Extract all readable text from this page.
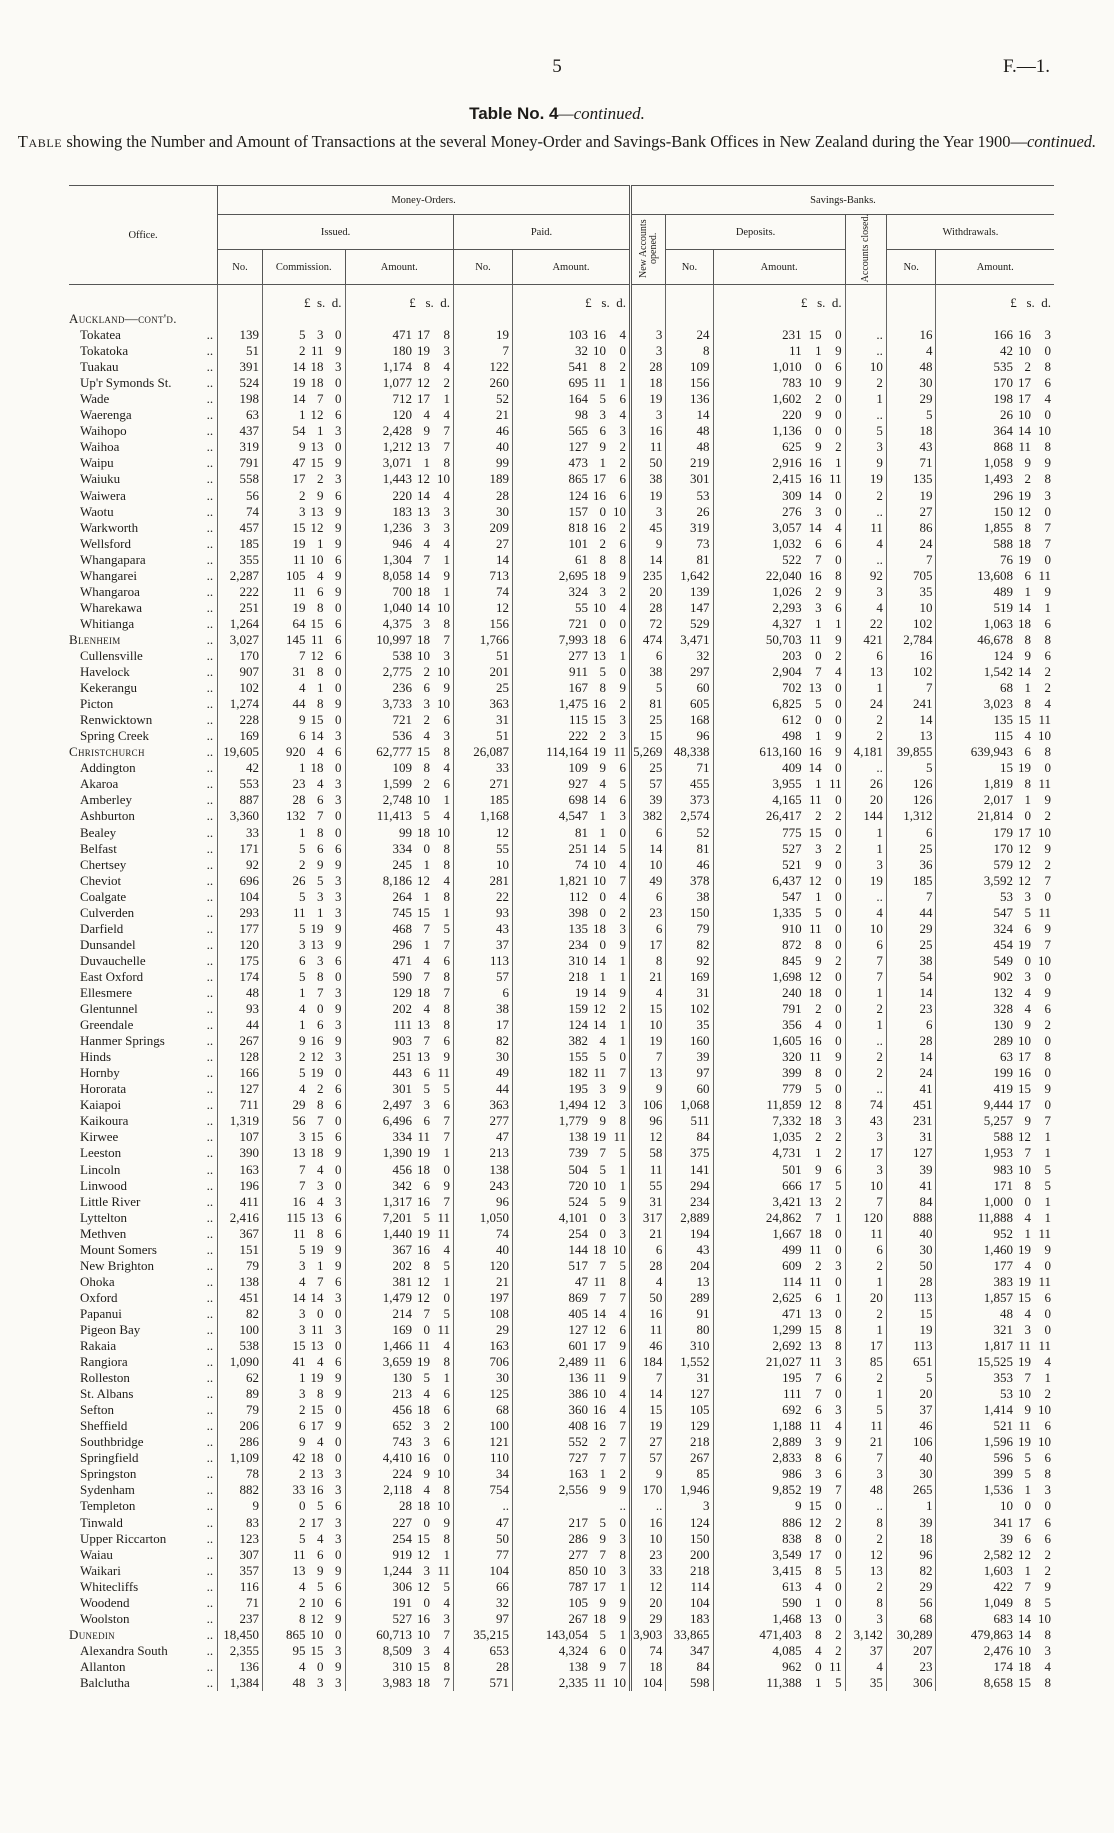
5	F.—1.
Table No. 4—continued.
Table showing the Number and Amount of Transactions at the several Money-Order and Savings-Bank Offices in New Zealand during the Year 1900—continued.
Office.	Money-Orders.					Savings-Banks.					
	Issued.			Paid.		New Accounts opened.	Deposits.		Accounts closed.	Withdrawals.	
	No.	Commission.	Amount.	No.	Amount.		No.	Amount.		No.	Amount.
		£ s. d.	£ s. d.		£ s. d.			£ s. d.			£ s. d.

Auckland—cont'd.											

Tokatea ..	139	5 3 0	471 17 8	19	103 16 4	3	24	231 15 0	..	16	166 16 3

Tokatoka ..	51	2 11 9	180 19 3	7	32 10 0	3	8	11 1 9	..	4	42 10 0

Tuakau ..	391	14 18 3	1,174 8 4	122	541 8 2	28	109	1,010 0 6	10	48	535 2 8

Up'r Symonds St. ..	524	19 18 0	1,077 12 2	260	695 11 1	18	156	783 10 9	2	30	170 17 6

Wade ..	198	14 7 0	712 17 1	52	164 5 6	19	136	1,602 2 0	1	29	198 17 4

Waerenga ..	63	1 12 6	120 4 4	21	98 3 4	3	14	220 9 0	..	5	26 10 0

Waihopo ..	437	54 1 3	2,428 9 7	46	565 6 3	16	48	1,136 0 0	5	18	364 14 10

Waihoa ..	319	9 13 0	1,212 13 7	40	127 9 2	11	48	625 9 2	3	43	868 11 8

Waipu ..	791	47 15 9	3,071 1 8	99	473 1 2	50	219	2,916 16 1	9	71	1,058 9 9

Waiuku ..	558	17 2 3	1,443 12 10	189	865 17 6	38	301	2,415 16 11	19	135	1,493 2 8

Waiwera ..	56	2 9 6	220 14 4	28	124 16 6	19	53	309 14 0	2	19	296 19 3

Waotu ..	74	3 13 9	183 13 3	30	157 0 10	3	26	276 3 0	..	27	150 12 0

Warkworth ..	457	15 12 9	1,236 3 3	209	818 16 2	45	319	3,057 14 4	11	86	1,855 8 7

Wellsford ..	185	19 1 9	946 4 4	27	101 2 6	9	73	1,032 6 6	4	24	588 18 7

Whangapara ..	355	11 10 6	1,304 7 1	14	61 8 8	14	81	522 7 0	..	7	76 19 0

Whangarei ..	2,287	105 4 9	8,058 14 9	713	2,695 18 9	235	1,642	22,040 16 8	92	705	13,608 6 11

Whangaroa ..	222	11 6 9	700 18 1	74	324 3 2	20	139	1,026 2 9	3	35	489 1 9

Wharekawa ..	251	19 8 0	1,040 14 10	12	55 10 4	28	147	2,293 3 6	4	10	519 14 1

Whitianga ..	1,264	64 15 6	4,375 3 8	156	721 0 0	72	529	4,327 1 1	22	102	1,063 18 6

Blenheim ..	3,027	145 11 6	10,997 18 7	1,766	7,993 18 6	474	3,471	50,703 11 9	421	2,784	46,678 8 8

Cullensville ..	170	7 12 6	538 10 3	51	277 13 1	6	32	203 0 2	6	16	124 9 6

Havelock ..	907	31 8 0	2,775 2 10	201	911 5 0	38	297	2,904 7 4	13	102	1,542 14 2

Kekerangu ..	102	4 1 0	236 6 9	25	167 8 9	5	60	702 13 0	1	7	68 1 2

Picton ..	1,274	44 8 9	3,733 3 10	363	1,475 16 2	81	605	6,825 5 0	24	241	3,023 8 4

Renwicktown ..	228	9 15 0	721 2 6	31	115 15 3	25	168	612 0 0	2	14	135 15 11

Spring Creek ..	169	6 14 3	536 4 3	51	222 2 3	15	96	498 1 9	2	13	115 4 10

Christchurch ..	19,605	920 4 6	62,777 15 8	26,087	114,164 19 11	5,269	48,338	613,160 16 9	4,181	39,855	639,943 6 8

Addington ..	42	1 18 0	109 8 4	33	109 9 6	25	71	409 14 0	..	5	15 19 0

Akaroa ..	553	23 4 3	1,599 2 6	271	927 4 5	57	455	3,955 1 11	26	126	1,819 8 11

Amberley ..	887	28 6 3	2,748 10 1	185	698 14 6	39	373	4,165 11 0	20	126	2,017 1 9

Ashburton ..	3,360	132 7 0	11,413 5 4	1,168	4,547 1 3	382	2,574	26,417 2 2	144	1,312	21,814 0 2

Bealey ..	33	1 8 0	99 18 10	12	81 1 0	6	52	775 15 0	1	6	179 17 10

Belfast ..	171	5 6 6	334 0 8	55	251 14 5	14	81	527 3 2	1	25	170 12 9

Chertsey ..	92	2 9 9	245 1 8	10	74 10 4	10	46	521 9 0	3	36	579 12 2

Cheviot ..	696	26 5 3	8,186 12 4	281	1,821 10 7	49	378	6,437 12 0	19	185	3,592 12 7

Coalgate ..	104	5 3 3	264 1 8	22	112 0 4	6	38	547 1 0	..	7	53 3 0

Culverden ..	293	11 1 3	745 15 1	93	398 0 2	23	150	1,335 5 0	4	44	547 5 11

Darfield ..	177	5 19 9	468 7 5	43	135 18 3	6	79	910 11 0	10	29	324 6 9

Dunsandel ..	120	3 13 9	296 1 7	37	234 0 9	17	82	872 8 0	6	25	454 19 7

Duvauchelle ..	175	6 3 6	471 4 6	113	310 14 1	8	92	845 9 2	7	38	549 0 10

East Oxford ..	174	5 8 0	590 7 8	57	218 1 1	21	169	1,698 12 0	7	54	902 3 0

Ellesmere ..	48	1 7 3	129 18 7	6	19 14 9	4	31	240 18 0	1	14	132 4 9

Glentunnel ..	93	4 0 9	202 4 8	38	159 12 2	15	102	791 2 0	2	23	328 4 6

Greendale ..	44	1 6 3	111 13 8	17	124 14 1	10	35	356 4 0	1	6	130 9 2

Hanmer Springs ..	267	9 16 9	903 7 6	82	382 4 1	19	160	1,605 16 0	..	28	289 10 0

Hinds ..	128	2 12 3	251 13 9	30	155 5 0	7	39	320 11 9	2	14	63 17 8

Hornby ..	166	5 19 0	443 6 11	49	182 11 7	13	97	399 8 0	2	24	199 16 0

Hororata ..	127	4 2 6	301 5 5	44	195 3 9	9	60	779 5 0	..	41	419 15 9

Kaiapoi ..	711	29 8 6	2,497 3 6	363	1,494 12 3	106	1,068	11,859 12 8	74	451	9,444 17 0

Kaikoura ..	1,319	56 7 0	6,496 6 7	277	1,779 9 8	96	511	7,332 18 3	43	231	5,257 9 7

Kirwee ..	107	3 15 6	334 11 7	47	138 19 11	12	84	1,035 2 2	3	31	588 12 1

Leeston ..	390	13 18 9	1,390 19 1	213	739 7 5	58	375	4,731 1 2	17	127	1,953 7 1

Lincoln ..	163	7 4 0	456 18 0	138	504 5 1	11	141	501 9 6	3	39	983 10 5

Linwood ..	196	7 3 0	342 6 9	243	720 10 1	55	294	666 17 5	10	41	171 8 5

Little River ..	411	16 4 3	1,317 16 7	96	524 5 9	31	234	3,421 13 2	7	84	1,000 0 1

Lyttelton ..	2,416	115 13 6	7,201 5 11	1,050	4,101 0 3	317	2,889	24,862 7 1	120	888	11,888 4 1

Methven ..	367	11 8 6	1,440 19 11	74	254 0 3	21	194	1,667 18 0	11	40	952 1 11

Mount Somers ..	151	5 19 9	367 16 4	40	144 18 10	6	43	499 11 0	6	30	1,460 19 9

New Brighton ..	79	3 1 9	202 8 5	120	517 7 5	28	204	609 2 3	2	50	177 4 0

Ohoka ..	138	4 7 6	381 12 1	21	47 11 8	4	13	114 11 0	1	28	383 19 11

Oxford ..	451	14 14 3	1,479 12 0	197	869 7 7	50	289	2,625 6 1	20	113	1,857 15 6

Papanui ..	82	3 0 0	214 7 5	108	405 14 4	16	91	471 13 0	2	15	48 4 0

Pigeon Bay ..	100	3 11 3	169 0 11	29	127 12 6	11	80	1,299 15 8	1	19	321 3 0

Rakaia ..	538	15 13 0	1,466 11 4	163	601 17 9	46	310	2,692 13 8	17	113	1,817 11 11

Rangiora ..	1,090	41 4 6	3,659 19 8	706	2,489 11 6	184	1,552	21,027 11 3	85	651	15,525 19 4

Rolleston ..	62	1 19 9	130 5 1	30	136 11 9	7	31	195 7 6	2	5	353 7 1

St. Albans ..	89	3 8 9	213 4 6	125	386 10 4	14	127	111 7 0	1	20	53 10 2

Sefton ..	79	2 15 0	456 18 6	68	360 16 4	15	105	692 6 3	5	37	1,414 9 10

Sheffield ..	206	6 17 9	652 3 2	100	408 16 7	19	129	1,188 11 4	11	46	521 11 6

Southbridge ..	286	9 4 0	743 3 6	121	552 2 7	27	218	2,889 3 9	21	106	1,596 19 10

Springfield ..	1,109	42 18 0	4,410 16 0	110	727 7 7	57	267	2,833 8 6	7	40	596 5 6

Springston ..	78	2 13 3	224 9 10	34	163 1 2	9	85	986 3 6	3	30	399 5 8

Sydenham ..	882	33 16 3	2,118 4 8	754	2,556 9 9	170	1,946	9,852 19 7	48	265	1,536 1 3

Templeton ..	9	0 5 6	28 18 10	..	..	..	3	9 15 0	..	1	10 0 0

Tinwald ..	83	2 17 3	227 0 9	47	217 5 0	16	124	886 12 2	8	39	341 17 6

Upper Riccarton ..	123	5 4 3	254 15 8	50	286 9 3	10	150	838 8 0	2	18	39 6 6

Waiau ..	307	11 6 0	919 12 1	77	277 7 8	23	200	3,549 17 0	12	96	2,582 12 2

Waikari ..	357	13 9 9	1,244 3 11	104	850 10 3	33	218	3,415 8 5	13	82	1,603 1 2

Whitecliffs ..	116	4 5 6	306 12 5	66	787 17 1	12	114	613 4 0	2	29	422 7 9

Woodend ..	71	2 10 6	191 0 4	32	105 9 9	20	104	590 1 0	8	56	1,049 8 5

Woolston ..	237	8 12 9	527 16 3	97	267 18 9	29	183	1,468 13 0	3	68	683 14 10

Dunedin ..	18,450	865 10 0	60,713 10 7	35,215	143,054 5 1	3,903	33,865	471,403 8 2	3,142	30,289	479,863 14 8

Alexandra South ..	2,355	95 15 3	8,509 3 4	653	4,324 6 0	74	347	4,085 4 2	37	207	2,476 10 3

Allanton ..	136	4 0 9	310 15 8	28	138 9 7	18	84	962 0 11	4	23	174 18 4

Balclutha ..	1,384	48 3 3	3,983 18 7	571	2,335 11 10	104	598	11,388 1 5	35	306	8,658 15 8
